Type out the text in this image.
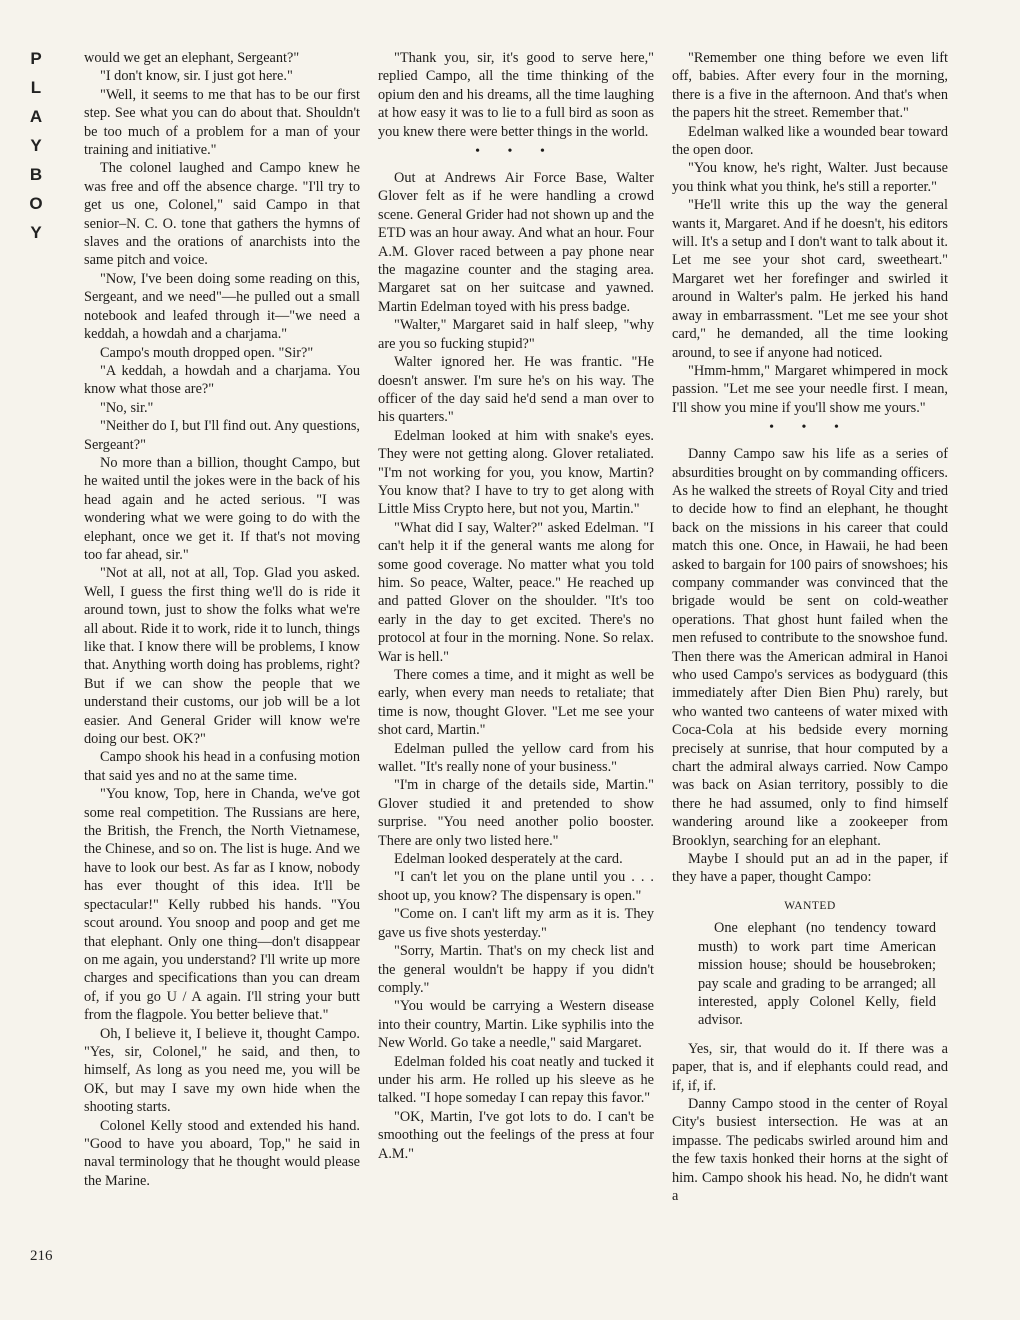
P
L
A
Y
B
O
Y
216

would we get an elephant, Sergeant?"

"I don't know, sir. I just got here."

"Well, it seems to me that has to be our first step. See what you can do about that. Shouldn't be too much of a problem for a man of your training and initiative."

The colonel laughed and Campo knew he was free and off the absence charge. "I'll try to get us one, Colonel," said Campo in that senior–N. C. O. tone that gathers the hymns of slaves and the orations of anarchists into the same pitch and voice.

"Now, I've been doing some reading on this, Sergeant, and we need"—he pulled out a small notebook and leafed through it—"we need a keddah, a howdah and a charjama."

Campo's mouth dropped open. "Sir?"

"A keddah, a howdah and a charjama. You know what those are?"

"No, sir."

"Neither do I, but I'll find out. Any questions, Sergeant?"

No more than a billion, thought Campo, but he waited until the jokes were in the back of his head again and he acted serious. "I was wondering what we were going to do with the elephant, once we get it. If that's not moving too far ahead, sir."

"Not at all, not at all, Top. Glad you asked. Well, I guess the first thing we'll do is ride it around town, just to show the folks what we're all about. Ride it to work, ride it to lunch, things like that. I know there will be problems, I know that. Anything worth doing has problems, right? But if we can show the people that we understand their customs, our job will be a lot easier. And General Grider will know we're doing our best. OK?"

Campo shook his head in a confusing motion that said yes and no at the same time.

"You know, Top, here in Chanda, we've got some real competition. The Russians are here, the British, the French, the North Vietnamese, the Chinese, and so on. The list is huge. And we have to look our best. As far as I know, nobody has ever thought of this idea. It'll be spectacular!" Kelly rubbed his hands. "You scout around. You snoop and poop and get me that elephant. Only one thing—don't disappear on me again, you understand? I'll write up more charges and specifications than you can dream of, if you go U / A again. I'll string your butt from the flagpole. You better believe that."

Oh, I believe it, I believe it, thought Campo. "Yes, sir, Colonel," he said, and then, to himself, As long as you need me, you will be OK, but may I save my own hide when the shooting starts.

Colonel Kelly stood and extended his hand. "Good to have you aboard, Top," he said in naval terminology that he thought would please the Marine.

"Thank you, sir, it's good to serve here," replied Campo, all the time thinking of the opium den and his dreams, all the time laughing at how easy it was to lie to a full bird as soon as you knew there were better things in the world.

• • •

Out at Andrews Air Force Base, Walter Glover felt as if he were handling a crowd scene. General Grider had not shown up and the ETD was an hour away. And what an hour. Four A.M. Glover raced between a pay phone near the magazine counter and the staging area. Margaret sat on her suitcase and yawned. Martin Edelman toyed with his press badge.

"Walter," Margaret said in half sleep, "why are you so fucking stupid?"

Walter ignored her. He was frantic. "He doesn't answer. I'm sure he's on his way. The officer of the day said he'd send a man over to his quarters."

Edelman looked at him with snake's eyes. They were not getting along. Glover retaliated. "I'm not working for you, you know, Martin? You know that? I have to try to get along with Little Miss Crypto here, but not you, Martin."

"What did I say, Walter?" asked Edelman. "I can't help it if the general wants me along for some good coverage. No matter what you told him. So peace, Walter, peace." He reached up and patted Glover on the shoulder. "It's too early in the day to get excited. There's no protocol at four in the morning. None. So relax. War is hell."

There comes a time, and it might as well be early, when every man needs to retaliate; that time is now, thought Glover. "Let me see your shot card, Martin."

Edelman pulled the yellow card from his wallet. "It's really none of your business."

"I'm in charge of the details side, Martin." Glover studied it and pretended to show surprise. "You need another polio booster. There are only two listed here."

Edelman looked desperately at the card.

"I can't let you on the plane until you . . . shoot up, you know? The dispensary is open."

"Come on. I can't lift my arm as it is. They gave us five shots yesterday."

"Sorry, Martin. That's on my check list and the general wouldn't be happy if you didn't comply."

"You would be carrying a Western disease into their country, Martin. Like syphilis into the New World. Go take a needle," said Margaret.

Edelman folded his coat neatly and tucked it under his arm. He rolled up his sleeve as he talked. "I hope someday I can repay this favor."

"OK, Martin, I've got lots to do. I can't be smoothing out the feelings of the press at four A.M."

"Remember one thing before we even lift off, babies. After every four in the morning, there is a five in the afternoon. And that's when the papers hit the street. Remember that."

Edelman walked like a wounded bear toward the open door.

"You know, he's right, Walter. Just because you think what you think, he's still a reporter."

"He'll write this up the way the general wants it, Margaret. And if he doesn't, his editors will. It's a setup and I don't want to talk about it. Let me see your shot card, sweetheart." Margaret wet her forefinger and swirled it around in Walter's palm. He jerked his hand away in embarrassment. "Let me see your shot card," he demanded, all the time looking around, to see if anyone had noticed.

"Hmm-hmm," Margaret whimpered in mock passion. "Let me see your needle first. I mean, I'll show you mine if you'll show me yours."

• • •

Danny Campo saw his life as a series of absurdities brought on by commanding officers. As he walked the streets of Royal City and tried to decide how to find an elephant, he thought back on the missions in his career that could match this one. Once, in Hawaii, he had been asked to bargain for 100 pairs of snowshoes; his company commander was convinced that the brigade would be sent on cold-weather operations. That ghost hunt failed when the men refused to contribute to the snowshoe fund. Then there was the American admiral in Hanoi who used Campo's services as bodyguard (this immediately after Dien Bien Phu) rarely, but who wanted two canteens of water mixed with Coca-Cola at his bedside every morning precisely at sunrise, that hour computed by a chart the admiral always carried. Now Campo was back on Asian territory, possibly to die there he had assumed, only to find himself wandering around like a zookeeper from Brooklyn, searching for an elephant.

Maybe I should put an ad in the paper, if they have a paper, thought Campo:

WANTED

One elephant (no tendency toward musth) to work part time American mission house; should be housebroken; pay scale and grading to be arranged; all interested, apply Colonel Kelly, field advisor.

Yes, sir, that would do it. If there was a paper, that is, and if elephants could read, and if, if, if.

Danny Campo stood in the center of Royal City's busiest intersection. He was at an impasse. The pedicabs swirled around him and the few taxis honked their horns at the sight of him. Campo shook his head. No, he didn't want a
